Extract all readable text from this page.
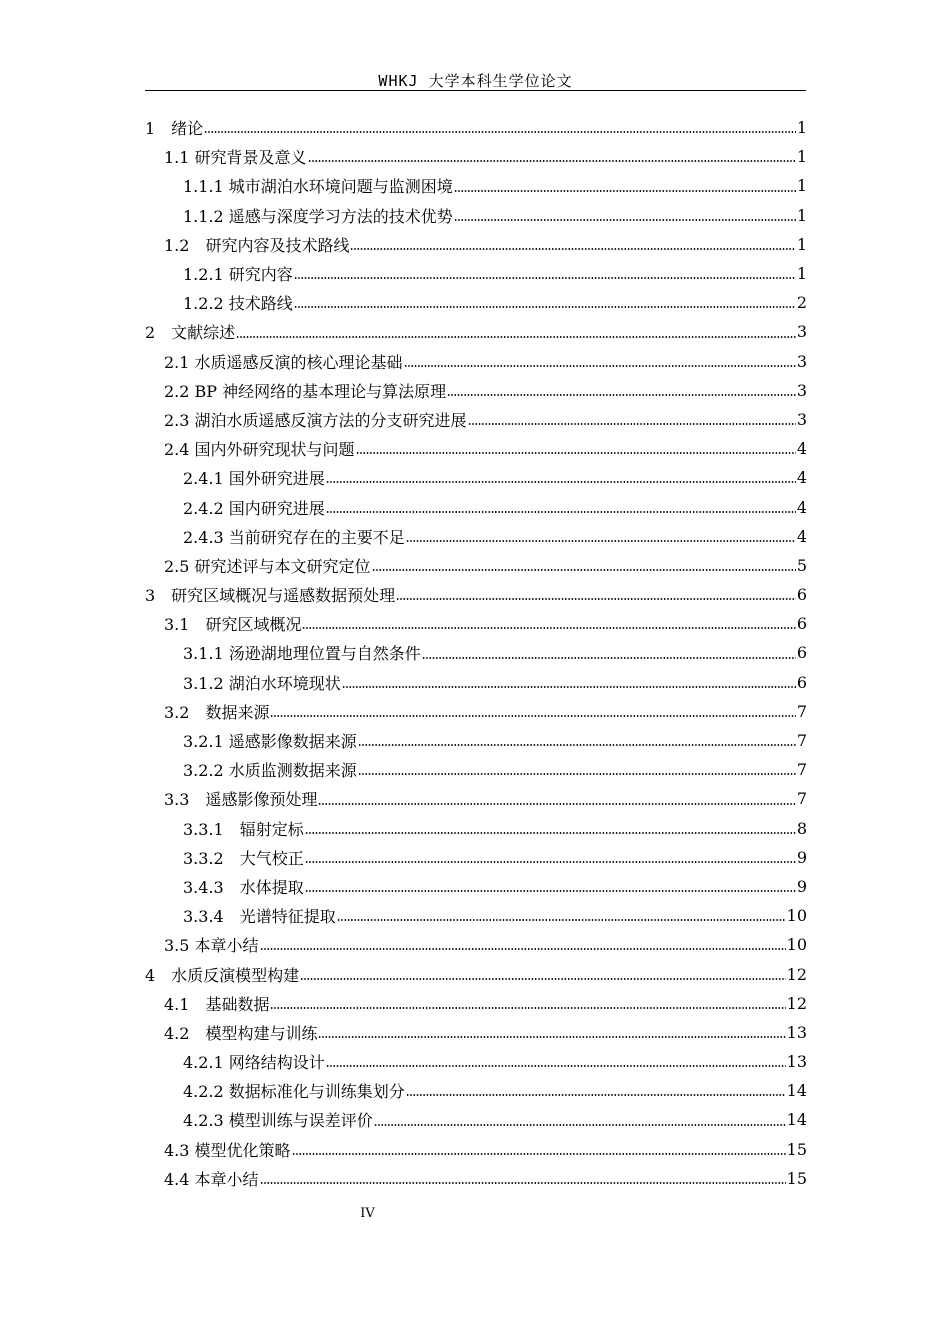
WHKJ 大学本科生学位论文
1　绪论	1
1.1 研究背景及意义	1
1.1.1 城市湖泊水环境问题与监测困境	1
1.1.2 遥感与深度学习方法的技术优势	1
1.2　研究内容及技术路线	1
1.2.1 研究内容	1
1.2.2 技术路线	2
2　文献综述	3
2.1 水质遥感反演的核心理论基础	3
2.2 BP 神经网络的基本理论与算法原理	3
2.3 湖泊水质遥感反演方法的分支研究进展	3
2.4 国内外研究现状与问题	4
2.4.1 国外研究进展	4
2.4.2 国内研究进展	4
2.4.3 当前研究存在的主要不足	4
2.5 研究述评与本文研究定位	5
3　研究区域概况与遥感数据预处理	6
3.1　研究区域概况	6
3.1.1 汤逊湖地理位置与自然条件	6
3.1.2 湖泊水环境现状	6
3.2　数据来源	7
3.2.1 遥感影像数据来源	7
3.2.2 水质监测数据来源	7
3.3　遥感影像预处理	7
3.3.1　辐射定标	8
3.3.2　大气校正	9
3.4.3　水体提取	9
3.3.4　光谱特征提取	10
3.5 本章小结	10
4　水质反演模型构建	12
4.1　基础数据	12
4.2　模型构建与训练	13
4.2.1 网络结构设计	13
4.2.2 数据标准化与训练集划分	14
4.2.3 模型训练与误差评价	14
4.3 模型优化策略	15
4.4 本章小结	15
IV
